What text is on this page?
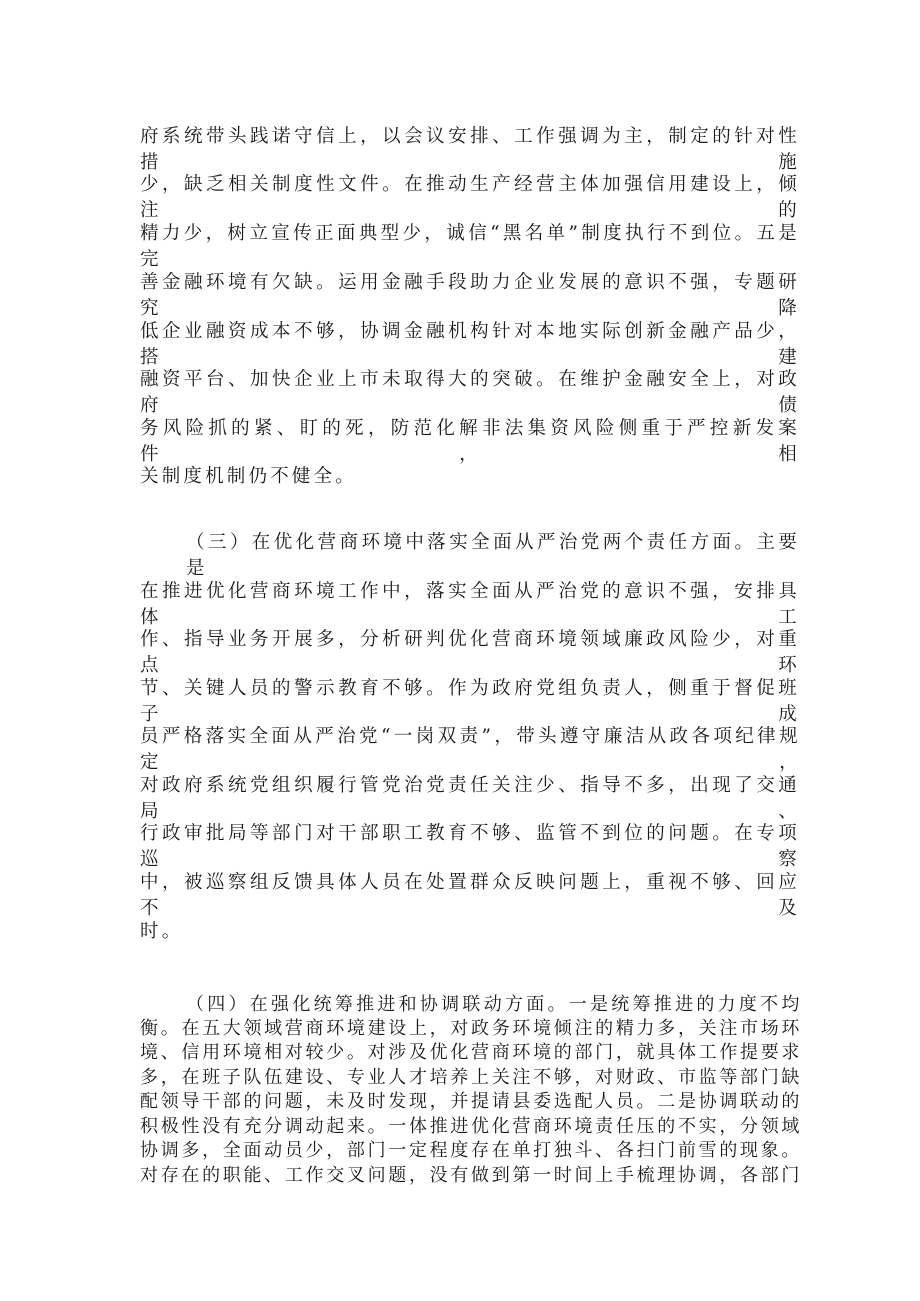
府系统带头践诺守信上，以会议安排、工作强调为主，制定的针对性措施
少，缺乏相关制度性文件。在推动生产经营主体加强信用建设上，倾注的
精力少，树立宣传正面典型少，诚信“黑名单”制度执行不到位。五是完
善金融环境有欠缺。运用金融手段助力企业发展的意识不强，专题研究降
低企业融资成本不够，协调金融机构针对本地实际创新金融产品少，搭建
融资平台、加快企业上市未取得大的突破。在维护金融安全上，对政府债
务风险抓的紧、盯的死，防范化解非法集资风险侧重于严控新发案件，相
关制度机制仍不健全。
（三）在优化营商环境中落实全面从严治党两个责任方面。主要是
在推进优化营商环境工作中，落实全面从严治党的意识不强，安排具体工
作、指导业务开展多，分析研判优化营商环境领域廉政风险少，对重点环
节、关键人员的警示教育不够。作为政府党组负责人，侧重于督促班子成
员严格落实全面从严治党“一岗双责”，带头遵守廉洁从政各项纪律规定，
对政府系统党组织履行管党治党责任关注少、指导不多，出现了交通局、
行政审批局等部门对干部职工教育不够、监管不到位的问题。在专项巡察
中，被巡察组反馈具体人员在处置群众反映问题上，重视不够、回应不及
时。
（四）在强化统筹推进和协调联动方面。一是统筹推进的力度不均
衡。在五大领域营商环境建设上，对政务环境倾注的精力多，关注市场环
境、信用环境相对较少。对涉及优化营商环境的部门，就具体工作提要求
多，在班子队伍建设、专业人才培养上关注不够，对财政、市监等部门缺
配领导干部的问题，未及时发现，并提请县委选配人员。二是协调联动的
积极性没有充分调动起来。一体推进优化营商环境责任压的不实，分领域
协调多，全面动员少，部门一定程度存在单打独斗、各扫门前雪的现象。
对存在的职能、工作交叉问题，没有做到第一时间上手梳理协调，各部门
